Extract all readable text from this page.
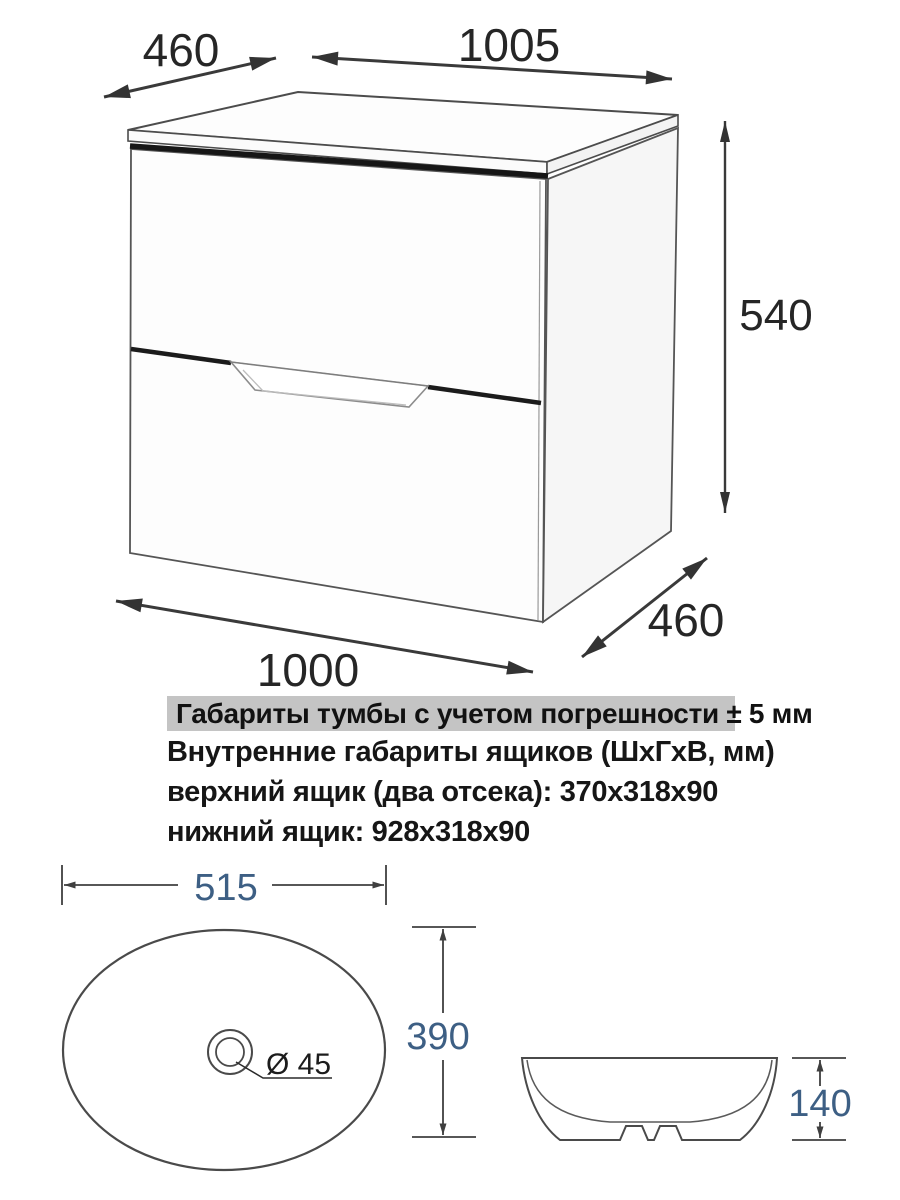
460	1005
540
1000
460
Габариты тумбы с учетом погрешности ± 5 мм
Внутренние габариты ящиков (ШхГхВ, мм)
верхний ящик (два отсека): 370х318х90
нижний ящик: 928х318х90
Ø 45
515
390
140
